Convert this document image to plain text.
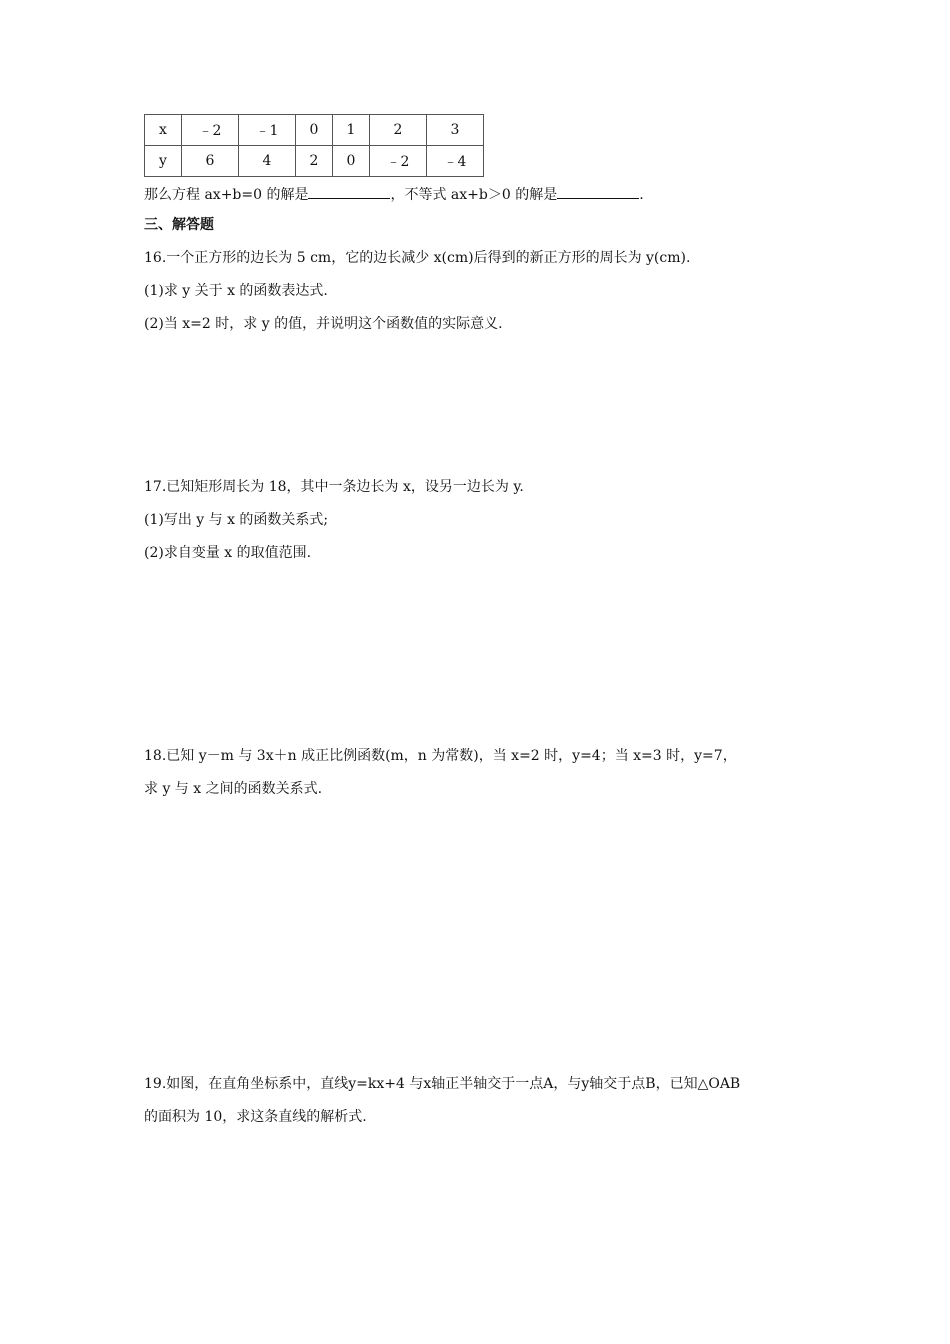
x	﹣2	﹣1	0	1	2	3
y	6	4	2	0	﹣2	﹣4
那么方程 ax+b=0 的解是	，不等式 ax+b＞0 的解是	.
三、解答题
16.一个正方形的边长为 5 cm，它的边长减少 x(cm)后得到的新正方形的周长为 y(cm).
(1)求 y 关于 x 的函数表达式.
(2)当 x=2 时，求 y 的值，并说明这个函数值的实际意义.
17.已知矩形周长为 18，其中一条边长为 x，设另一边长为 y.
(1)写出 y 与 x 的函数关系式;
(2)求自变量 x 的取值范围.
18.已知 y－m 与 3x＋n 成正比例函数(m，n 为常数)，当 x=2 时，y=4；当 x=3 时，y=7，
求 y 与 x 之间的函数关系式.
19.如图，在直角坐标系中，直线y=kx+4 与x轴正半轴交于一点A，与y轴交于点B，已知△OAB
的面积为 10，求这条直线的解析式.
